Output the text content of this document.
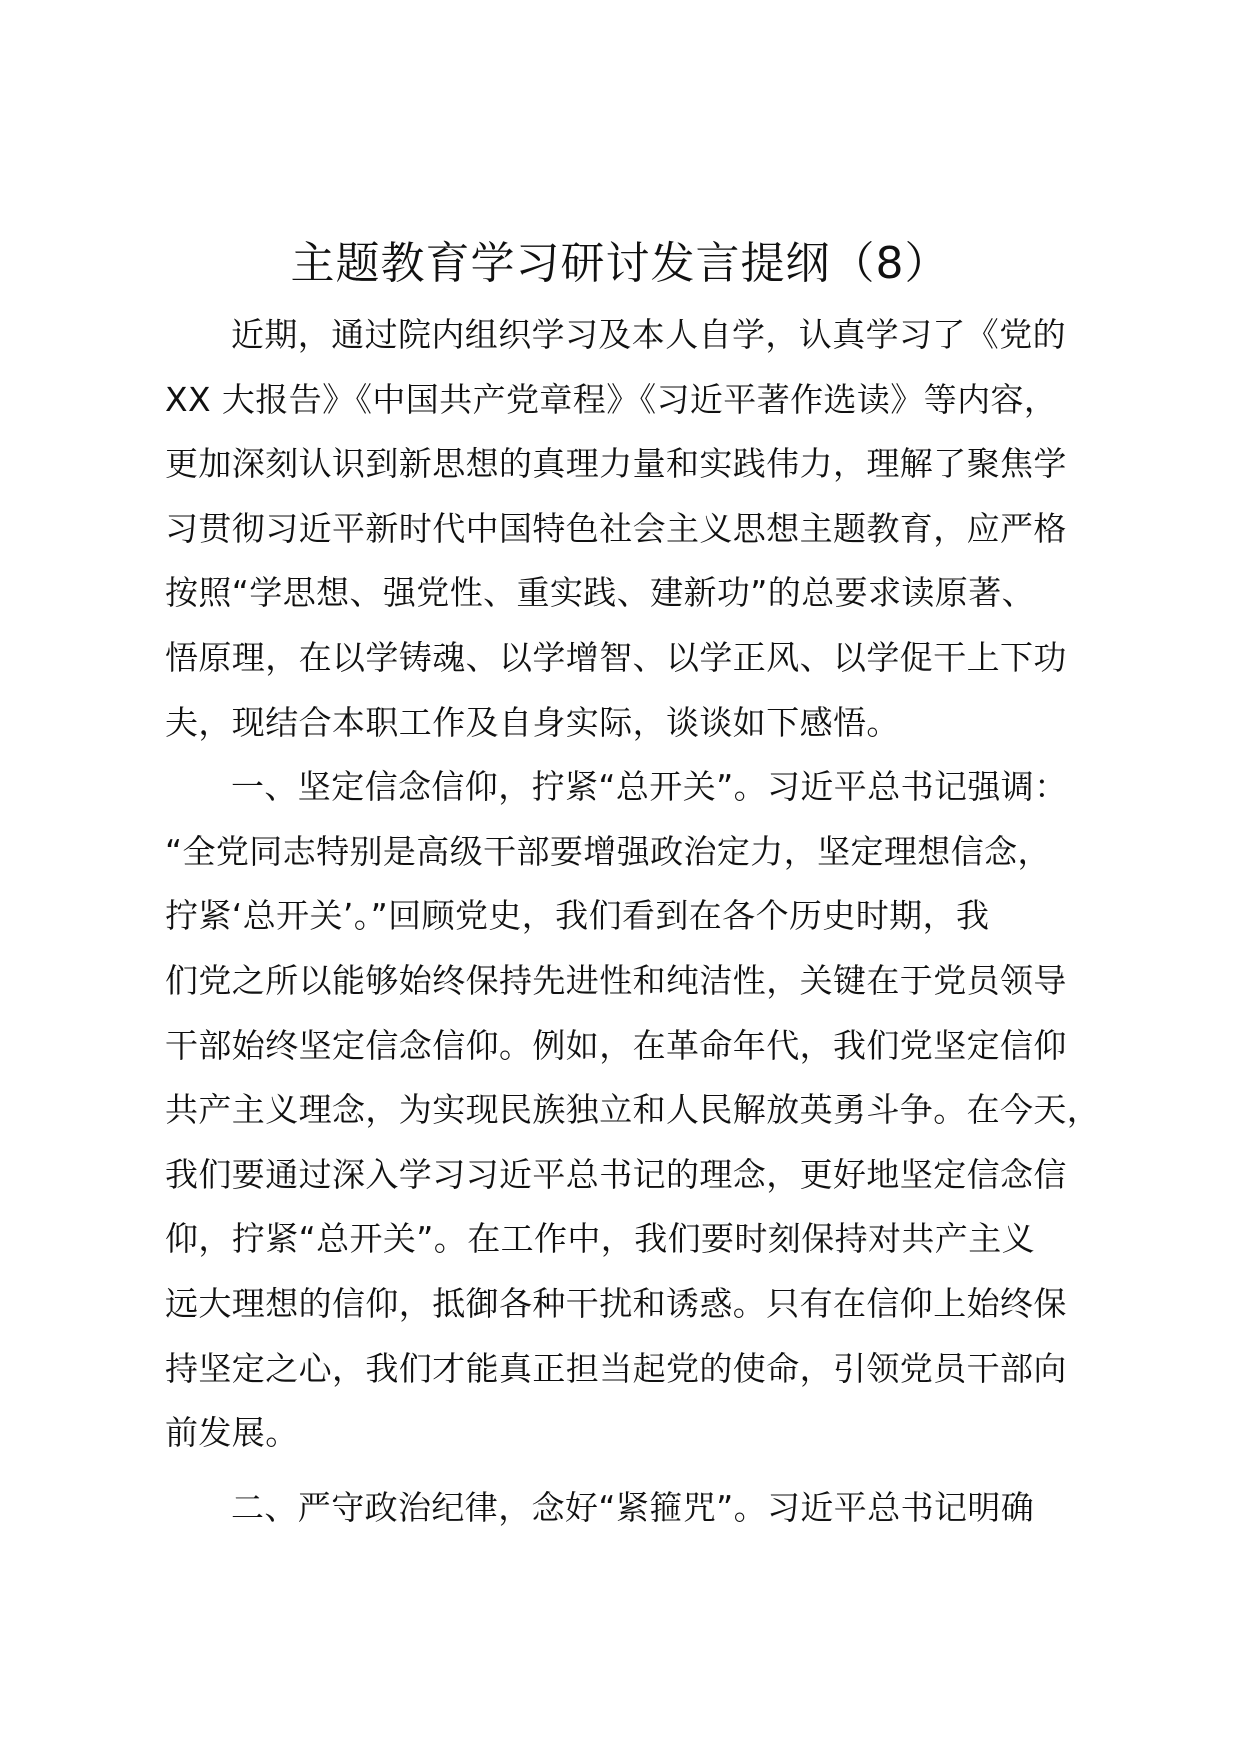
主题教育学习研讨发言提纲（8）
近期，通过院内组织学习及本人自学，认真学习了《党的
XX 大报告》《中国共产党章程》《习近平著作选读》等内容，
更加深刻认识到新思想的真理力量和实践伟力，理解了聚焦学
习贯彻习近平新时代中国特色社会主义思想主题教育，应严格
按照“学思想、强党性、重实践、建新功”的总要求读原著、
悟原理，在以学铸魂、以学增智、以学正风、以学促干上下功
夫，现结合本职工作及自身实际，谈谈如下感悟。
一、坚定信念信仰，拧紧“总开关”。习近平总书记强调：
“全党同志特别是高级干部要增强政治定力，坚定理想信念，
拧紧‘总开关’。”回顾党史，我们看到在各个历史时期，我
们党之所以能够始终保持先进性和纯洁性，关键在于党员领导
干部始终坚定信念信仰。例如，在革命年代，我们党坚定信仰
共产主义理念，为实现民族独立和人民解放英勇斗争。在今天，
我们要通过深入学习习近平总书记的理念，更好地坚定信念信
仰，拧紧“总开关”。在工作中，我们要时刻保持对共产主义
远大理想的信仰，抵御各种干扰和诱惑。只有在信仰上始终保
持坚定之心，我们才能真正担当起党的使命，引领党员干部向
前发展。
二、严守政治纪律，念好“紧箍咒”。习近平总书记明确
